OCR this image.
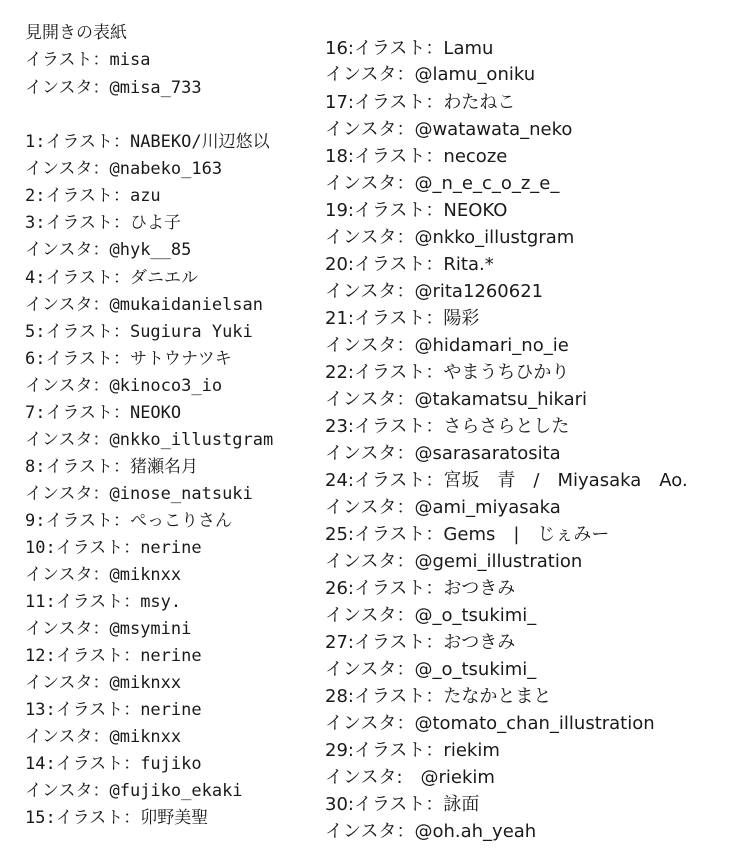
見開きの表紙
イラスト：misa
インスタ：@misa_733
1:イラスト：NABEKO/川辺悠以
インスタ：@nabeko_163
2:イラスト：azu
3:イラスト：ひよ子
インスタ：@hyk__85
4:イラスト：ダニエル
インスタ：@mukaidanielsan
5:イラスト：Sugiura Yuki
6:イラスト：サトウナツキ
インスタ：@kinoco3_io
7:イラスト：NEOKO
インスタ：@nkko_illustgram
8:イラスト：猪瀬名月
インスタ：@inose_natsuki
9:イラスト：ぺっこりさん
10:イラスト：nerine
インスタ：@miknxx
11:イラスト：msy.
インスタ：@msymini
12:イラスト：nerine
インスタ：@miknxx
13:イラスト：nerine
インスタ：@miknxx
14:イラスト：fujiko
インスタ：@fujiko_ekaki
15:イラスト：卯野美聖
16:イラスト：Lamu
インスタ：@lamu_oniku
17:イラスト：わたねこ
インスタ：@watawata_neko
18:イラスト：necoze
インスタ：@_n_e_c_o_z_e_
19:イラスト：NEOKO
インスタ：@nkko_illustgram
20:イラスト：Rita.*
インスタ：@rita1260621
21:イラスト：陽彩
インスタ：@hidamari_no_ie
22:イラスト：やまうちひかり
インスタ：@takamatsu_hikari
23:イラスト：さらさらとした
インスタ：@sarasaratosita
24:イラスト：宮坂　青　/　Miyasaka　Ao.
インスタ：@ami_miyasaka
25:イラスト：Gems　|　じぇみー
インスタ：@gemi_illustration
26:イラスト：おつきみ
インスタ：@_o_tsukimi_
27:イラスト：おつきみ
インスタ：@_o_tsukimi_
28:イラスト：たなかとまと
インスタ：@tomato_chan_illustration
29:イラスト：riekim
インスタ:　@riekim
30:イラスト：詠面
インスタ：@oh.ah_yeah
